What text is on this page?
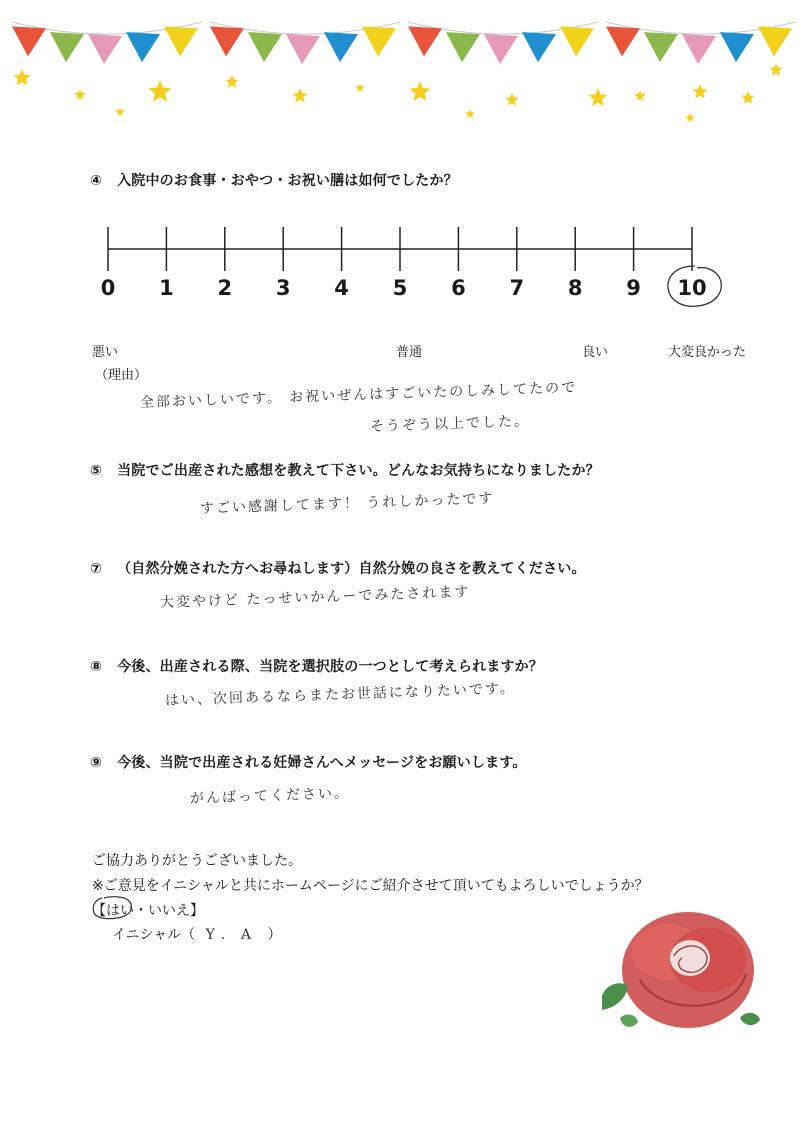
④ 入院中のお食事・おやつ・お祝い膳は如何でしたか？
0	1	2	3	4	5	6	7	8	9	10
悪い	普通	良い	大変良かった
（理由）
全部おいしいです。 お祝いぜんはすごいたのしみしてたので
そうぞう以上でした。
⑤ 当院でご出産された感想を教えて下さい。どんなお気持ちになりましたか？
すごい感謝してます！ うれしかったです
⑦ （自然分娩された方へお尋ねします）自然分娩の良さを教えてください。
大変やけど たっせいかんーでみたされます
⑧ 今後、出産される際、当院を選択肢の一つとして考えられますか？
はい、次回あるならまたお世話になりたいです。
⑨ 今後、当院で出産される妊婦さんへメッセージをお願いします。
がんばってください。
ご協力ありがとうございました。
※ご意見をイニシャルと共にホームページにご紹介させて頂いてもよろしいでしょうか？
【はい・いいえ】
イニシャル（ Y．A ）
